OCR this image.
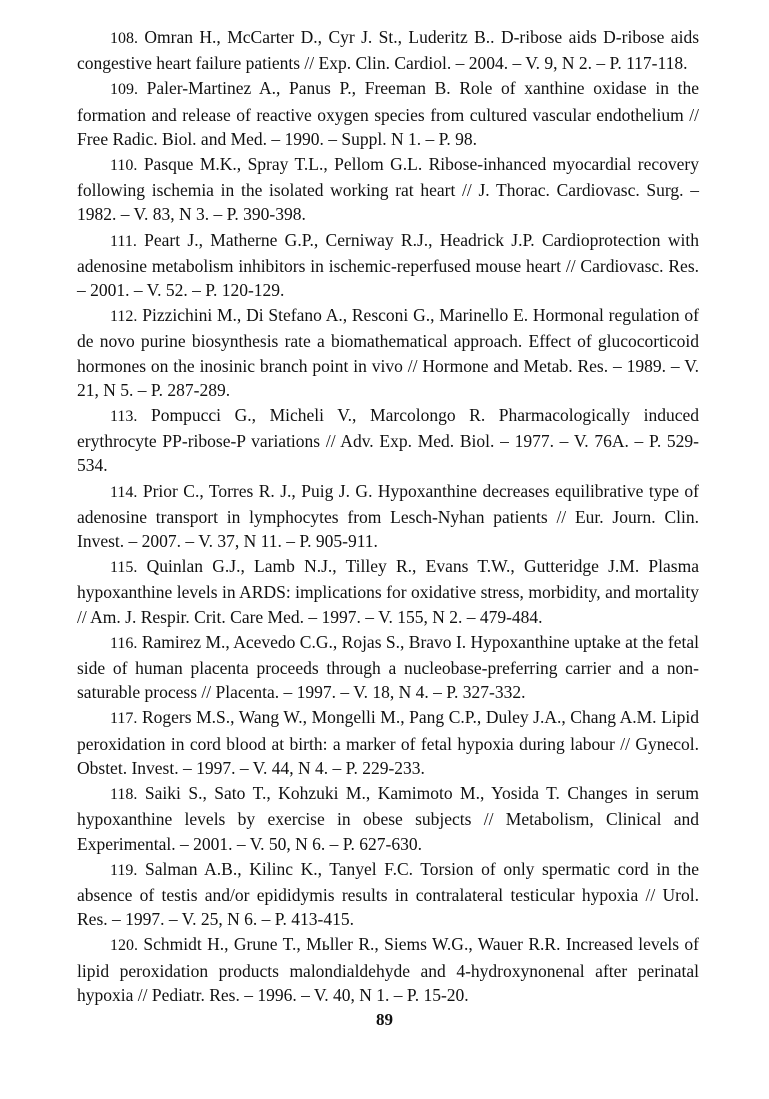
108. Omran H., McCarter D., Cyr J. St., Luderitz B.. D-ribose aids D-ribose aids congestive heart failure patients // Exp. Clin. Cardiol. – 2004. – V. 9, N 2. – P. 117-118.

109. Paler-Martinez A., Panus P., Freeman B. Role of xanthine oxidase in the formation and release of reactive oxygen species from cultured vascular endothelium // Free Radic. Biol. and Med. – 1990. – Suppl. N 1. – P. 98.

110. Pasque M.K., Spray T.L., Pellom G.L. Ribose-inhanced myocardial recovery following ischemia in the isolated working rat heart // J. Thorac. Cardiovasc. Surg. – 1982. – V. 83, N 3. – P. 390-398.

111. Peart J., Matherne G.P., Cerniway R.J., Headrick J.P. Cardioprotection with adenosine metabolism inhibitors in ischemic-reperfused mouse heart // Cardiovasc. Res. – 2001. – V. 52. – P. 120-129.

112. Pizzichini M., Di Stefano A., Resconi G., Marinello E. Hormonal regulation of de novo purine biosynthesis rate a biomathematical approach. Effect of glucocorticoid hormones on the inosinic branch point in vivo // Hormone and Metab. Res. – 1989. – V. 21, N 5. – P. 287-289.

113. Pompucci G., Micheli V., Marcolongo R. Pharmacologically induced erythrocyte PP-ribose-P variations // Adv. Exp. Med. Biol. – 1977. – V. 76A. – P. 529-534.

114. Prior C., Torres R. J., Puig J. G. Hypoxanthine decreases equilibrative type of adenosine transport in lymphocytes from Lesch-Nyhan patients // Eur. Journ. Clin. Invest. – 2007. – V. 37, N 11. – P. 905-911.

115. Quinlan G.J., Lamb N.J., Tilley R., Evans T.W., Gutteridge J.M. Plasma hypoxanthine levels in ARDS: implications for oxidative stress, morbidity, and mortality // Am. J. Respir. Crit. Care Med. – 1997. – V. 155, N 2. – 479-484.

116. Ramirez M., Acevedo C.G., Rojas S., Bravo I. Hypoxanthine uptake at the fetal side of human placenta proceeds through a nucleobase-preferring carrier and a non-saturable process // Placenta. – 1997. – V. 18, N 4. – P. 327-332.

117. Rogers M.S., Wang W., Mongelli M., Pang C.P., Duley J.A., Chang A.M. Lipid peroxidation in cord blood at birth: a marker of fetal hypoxia during labour // Gynecol. Obstet. Invest. – 1997. – V. 44, N 4. – P. 229-233.

118. Saiki S., Sato T., Kohzuki M., Kamimoto M., Yosida T. Changes in serum hypoxanthine levels by exercise in obese subjects // Metabolism, Clinical and Experimental. – 2001. – V. 50, N 6. – P. 627-630.

119. Salman A.B., Kilinc K., Tanyel F.C. Torsion of only spermatic cord in the absence of testis and/or epididymis results in contralateral testicular hypoxia // Urol. Res. – 1997. – V. 25, N 6. – P. 413-415.

120. Schmidt H., Grune T., Mьller R., Siems W.G., Wauer R.R. Increased levels of lipid peroxidation products malondialdehyde and 4-hydroxynonenal after perinatal hypoxia // Pediatr. Res. – 1996. – V. 40, N 1. – P. 15-20.

89
